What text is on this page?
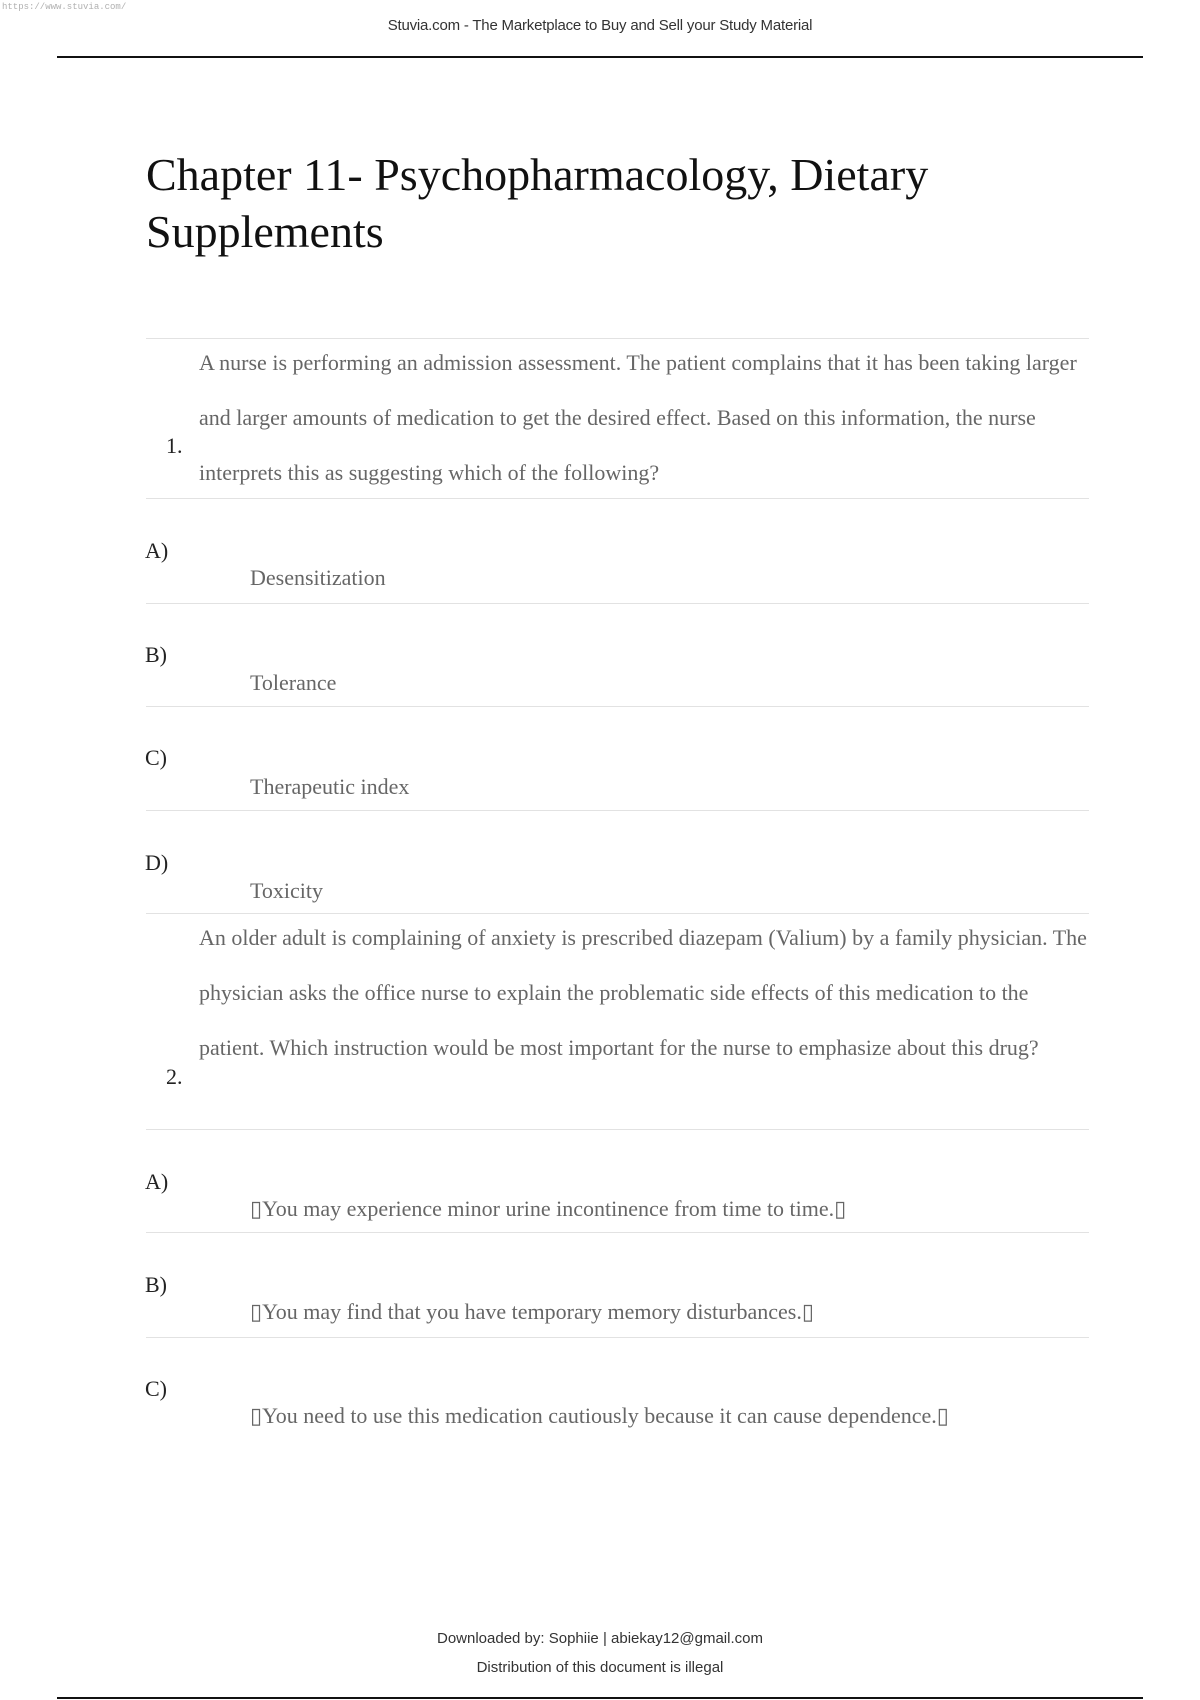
https://www.stuvia.com/
Stuvia.com - The Marketplace to Buy and Sell your Study Material
Chapter 11- Psychopharmacology, Dietary Supplements
1.
A nurse is performing an admission assessment. The patient complains that it has been taking larger and larger amounts of medication to get the desired effect. Based on this information, the nurse interprets this as suggesting which of the following?
A)
Desensitization
B)
Tolerance
C)
Therapeutic index
D)
Toxicity
2.
An older adult is complaining of anxiety is prescribed diazepam (Valium) by a family physician. The physician asks the office nurse to explain the problematic side effects of this medication to the patient. Which instruction would be most important for the nurse to emphasize about this drug?
A)
▯You may experience minor urine incontinence from time to time.▯
B)
▯You may find that you have temporary memory disturbances.▯
C)
▯You need to use this medication cautiously because it can cause dependence.▯
Downloaded by: Sophiie | abiekay12@gmail.com
Distribution of this document is illegal
